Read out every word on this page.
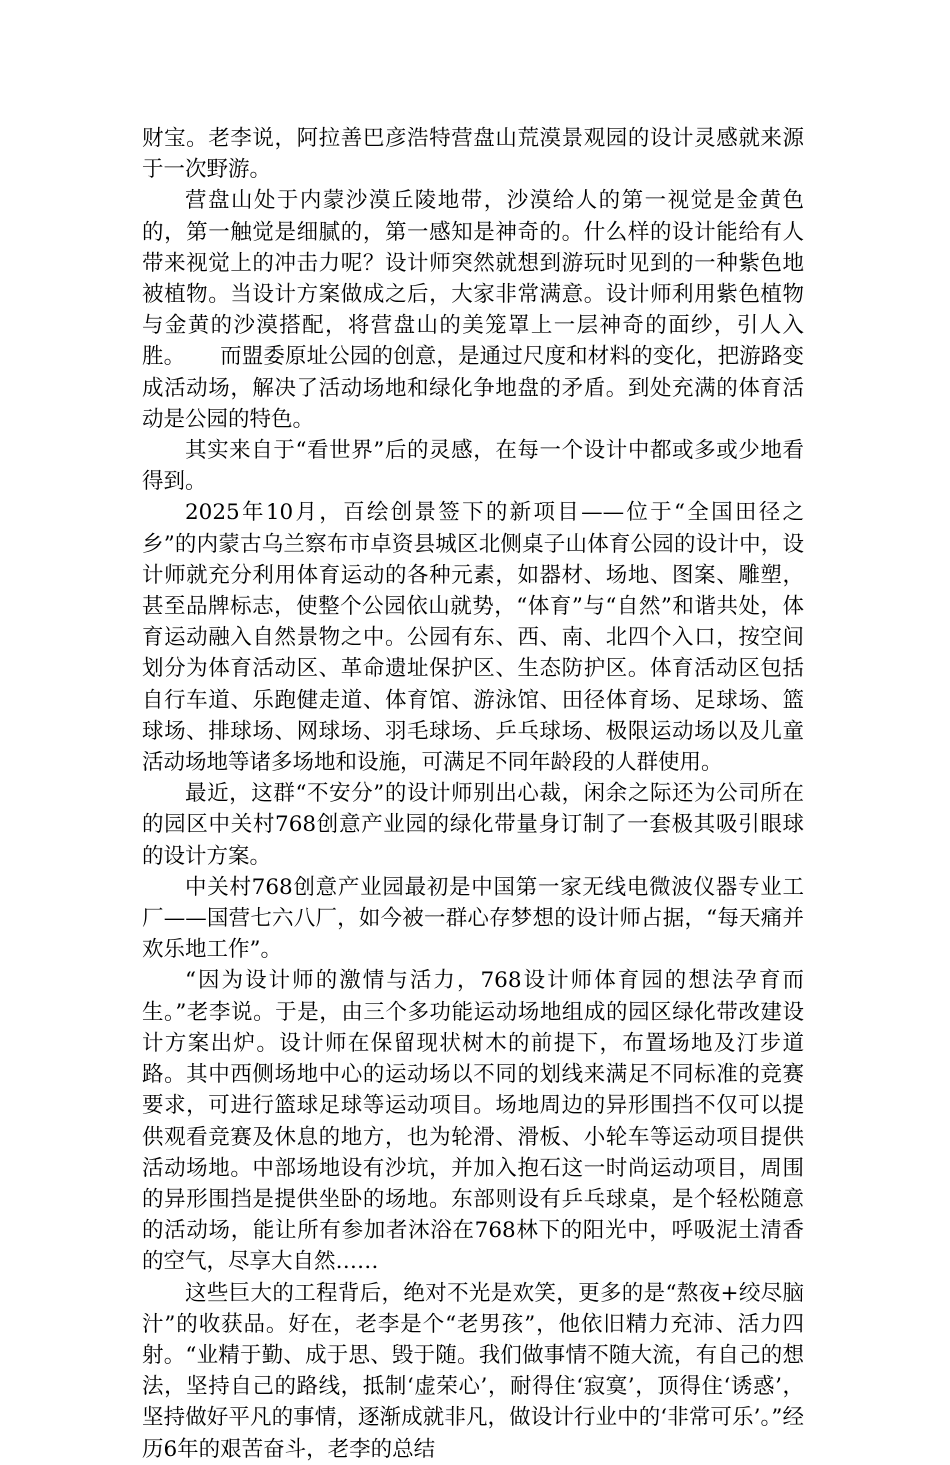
财宝。老李说，阿拉善巴彦浩特营盘山荒漠景观园的设计灵感就来源于一次野游。

营盘山处于内蒙沙漠丘陵地带，沙漠给人的第一视觉是金黄色的，第一触觉是细腻的，第一感知是神奇的。什么样的设计能给有人带来视觉上的冲击力呢？设计师突然就想到游玩时见到的一种紫色地被植物。当设计方案做成之后，大家非常满意。设计师利用紫色植物与金黄的沙漠搭配，将营盘山的美笼罩上一层神奇的面纱，引人入胜。     而盟委原址公园的创意，是通过尺度和材料的变化，把游路变成活动场，解决了活动场地和绿化争地盘的矛盾。到处充满的体育活动是公园的特色。

其实来自于“看世界”后的灵感，在每一个设计中都或多或少地看得到。

2025年10月，百绘创景签下的新项目——位于“全国田径之乡”的内蒙古乌兰察布市卓资县城区北侧桌子山体育公园的设计中，设计师就充分利用体育运动的各种元素，如器材、场地、图案、雕塑，甚至品牌标志，使整个公园依山就势，“体育”与“自然”和谐共处，体育运动融入自然景物之中。公园有东、西、南、北四个入口，按空间划分为体育活动区、革命遗址保护区、生态防护区。体育活动区包括自行车道、乐跑健走道、体育馆、游泳馆、田径体育场、足球场、篮球场、排球场、网球场、羽毛球场、乒乓球场、极限运动场以及儿童活动场地等诸多场地和设施，可满足不同年龄段的人群使用。

最近，这群“不安分”的设计师别出心裁，闲余之际还为公司所在的园区中关村768创意产业园的绿化带量身订制了一套极其吸引眼球的设计方案。

中关村768创意产业园最初是中国第一家无线电微波仪器专业工厂——国营七六八厂，如今被一群心存梦想的设计师占据，“每天痛并欢乐地工作”。

“因为设计师的激情与活力，768设计师体育园的想法孕育而生。”老李说。于是，由三个多功能运动场地组成的园区绿化带改建设计方案出炉。设计师在保留现状树木的前提下，布置场地及汀步道路。其中西侧场地中心的运动场以不同的划线来满足不同标准的竞赛要求，可进行篮球足球等运动项目。场地周边的异形围挡不仅可以提供观看竞赛及休息的地方，也为轮滑、滑板、小轮车等运动项目提供活动场地。中部场地设有沙坑，并加入抱石这一时尚运动项目，周围的异形围挡是提供坐卧的场地。东部则设有乒乓球桌，是个轻松随意的活动场，能让所有参加者沐浴在768林下的阳光中，呼吸泥土清香的空气，尽享大自然……

这些巨大的工程背后，绝对不光是欢笑，更多的是“熬夜+绞尽脑汁”的收获品。好在，老李是个“老男孩”，他依旧精力充沛、活力四射。“业精于勤、成于思、毁于随。我们做事情不随大流，有自己的想法，坚持自己的路线，抵制‘虚荣心’，耐得住‘寂寞’，顶得住‘诱惑’，坚持做好平凡的事情，逐渐成就非凡，做设计行业中的‘非常可乐’。”经历6年的艰苦奋斗，老李的总结
